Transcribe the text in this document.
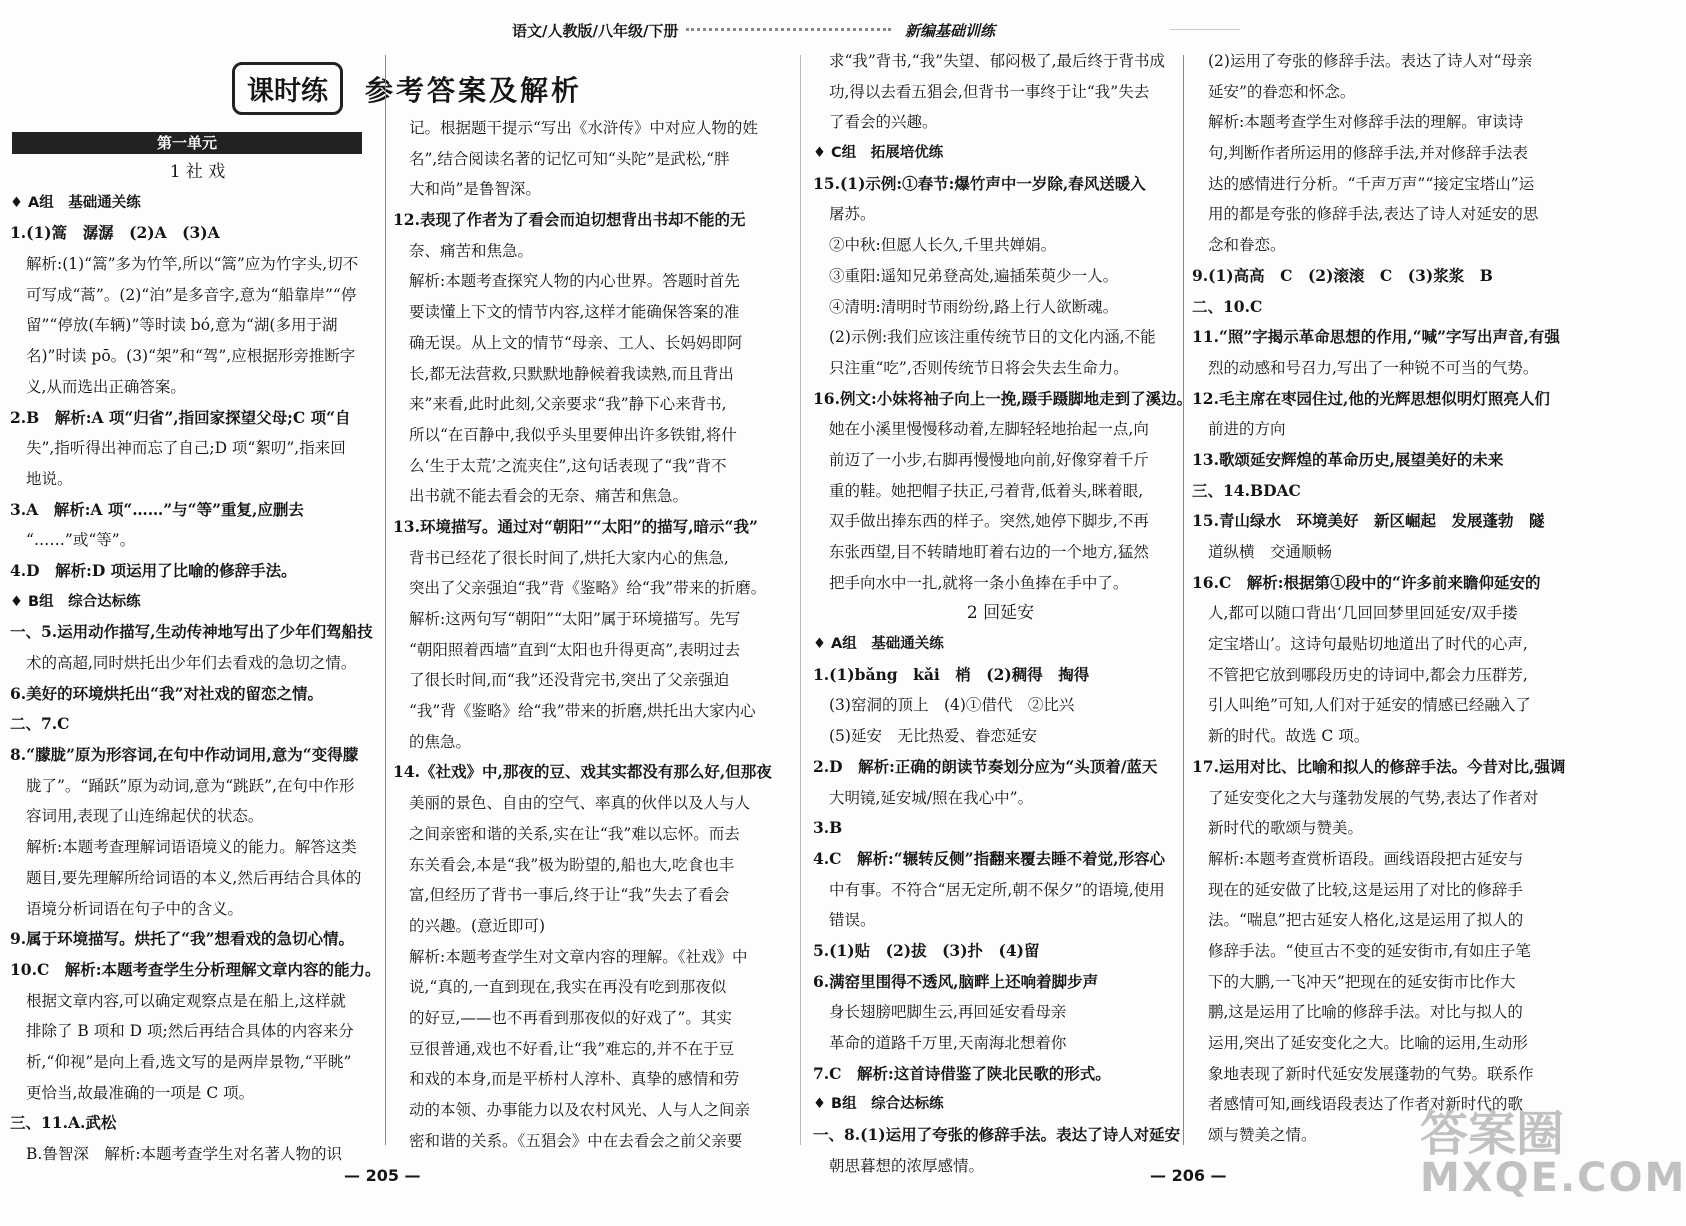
语文/人教版/八年级/下册	新编基础训练
课时练	参考答案及解析
第一单元
1 社 戏
♦ A组　基础通关练
1.(1)篙　潺潺　(2)A　(3)A
解析:(1)“篙”多为竹竿,所以“篙”应为竹字头,切不
可写成“蒿”。(2)“泊”是多音字,意为“船靠岸”“停
留”“停放(车辆)”等时读 bó,意为“湖(多用于湖
名)”时读 pō。(3)“架”和“驾”,应根据形旁推断字
义,从而选出正确答案。
2.B　解析:A 项“归省”,指回家探望父母;C 项“自
失”,指听得出神而忘了自己;D 项“絮叨”,指来回
地说。
3.A　解析:A 项“……”与“等”重复,应删去
“……”或“等”。
4.D　解析:D 项运用了比喻的修辞手法。
♦ B组　综合达标练
一、5.运用动作描写,生动传神地写出了少年们驾船技
术的高超,同时烘托出少年们去看戏的急切之情。
6.美好的环境烘托出“我”对社戏的留恋之情。
二、7.C
8.“朦胧”原为形容词,在句中作动词用,意为“变得朦
胧了”。“踊跃”原为动词,意为“跳跃”,在句中作形
容词用,表现了山连绵起伏的状态。
解析:本题考查理解词语语境义的能力。解答这类
题目,要先理解所给词语的本义,然后再结合具体的
语境分析词语在句子中的含义。
9.属于环境描写。烘托了“我”想看戏的急切心情。
10.C　解析:本题考查学生分析理解文章内容的能力。
根据文章内容,可以确定观察点是在船上,这样就
排除了 B 项和 D 项;然后再结合具体的内容来分
析,“仰视”是向上看,选文写的是两岸景物,“平眺”
更恰当,故最准确的一项是 C 项。
三、11.A.武松
B.鲁智深　解析:本题考查学生对名著人物的识
记。根据题干提示“写出《水浒传》中对应人物的姓
名”,结合阅读名著的记忆可知“头陀”是武松,“胖
大和尚”是鲁智深。
12.表现了作者为了看会而迫切想背出书却不能的无
奈、痛苦和焦急。
解析:本题考查探究人物的内心世界。答题时首先
要读懂上下文的情节内容,这样才能确保答案的准
确无误。从上文的情节“母亲、工人、长妈妈即阿
长,都无法营救,只默默地静候着我读熟,而且背出
来”来看,此时此刻,父亲要求“我”静下心来背书,
所以“在百静中,我似乎头里要伸出许多铁钳,将什
么‘生于太荒’之流夹住”,这句话表现了“我”背不
出书就不能去看会的无奈、痛苦和焦急。
13.环境描写。通过对“朝阳”“太阳”的描写,暗示“我”
背书已经花了很长时间了,烘托大家内心的焦急,
突出了父亲强迫“我”背《鉴略》给“我”带来的折磨。
解析:这两句写“朝阳”“太阳”属于环境描写。先写
“朝阳照着西墙”直到“太阳也升得更高”,表明过去
了很长时间,而“我”还没背完书,突出了父亲强迫
“我”背《鉴略》给“我”带来的折磨,烘托出大家内心
的焦急。
14.《社戏》中,那夜的豆、戏其实都没有那么好,但那夜
美丽的景色、自由的空气、率真的伙伴以及人与人
之间亲密和谐的关系,实在让“我”难以忘怀。而去
东关看会,本是“我”极为盼望的,船也大,吃食也丰
富,但经历了背书一事后,终于让“我”失去了看会
的兴趣。(意近即可)
解析:本题考查学生对文章内容的理解。《社戏》中
说,“真的,一直到现在,我实在再没有吃到那夜似
的好豆,——也不再看到那夜似的好戏了”。其实
豆很普通,戏也不好看,让“我”难忘的,并不在于豆
和戏的本身,而是平桥村人淳朴、真挚的感情和劳
动的本领、办事能力以及农村风光、人与人之间亲
密和谐的关系。《五猖会》中在去看会之前父亲要
求“我”背书,“我”失望、郁闷极了,最后终于背书成
功,得以去看五猖会,但背书一事终于让“我”失去
了看会的兴趣。
♦ C组　拓展培优练
15.(1)示例:①春节:爆竹声中一岁除,春风送暖入
屠苏。
②中秋:但愿人长久,千里共婵娟。
③重阳:遥知兄弟登高处,遍插茱萸少一人。
④清明:清明时节雨纷纷,路上行人欲断魂。
(2)示例:我们应该注重传统节日的文化内涵,不能
只注重“吃”,否则传统节日将会失去生命力。
16.例文:小妹将袖子向上一挽,蹑手蹑脚地走到了溪边。
她在小溪里慢慢移动着,左脚轻轻地抬起一点,向
前迈了一小步,右脚再慢慢地向前,好像穿着千斤
重的鞋。她把帽子扶正,弓着背,低着头,眯着眼,
双手做出捧东西的样子。突然,她停下脚步,不再
东张西望,目不转睛地盯着右边的一个地方,猛然
把手向水中一扎,就将一条小鱼捧在手中了。
2 回延安
♦ A组　基础通关练
1.(1)bǎng　kǎi　梢　(2)稠得　掏得
(3)窑洞的顶上　(4)①借代　②比兴
(5)延安　无比热爱、眷恋延安
2.D　解析:正确的朗读节奏划分应为“头顶着/蓝天
大明镜,延安城/照在我心中”。
3.B
4.C　解析:“辗转反侧”指翻来覆去睡不着觉,形容心
中有事。不符合“居无定所,朝不保夕”的语境,使用
错误。
5.(1)贴　(2)拔　(3)扑　(4)留
6.满窑里围得不透风,脑畔上还响着脚步声
身长翅膀吧脚生云,再回延安看母亲
革命的道路千万里,天南海北想着你
7.C　解析:这首诗借鉴了陕北民歌的形式。
♦ B组　综合达标练
一、8.(1)运用了夸张的修辞手法。表达了诗人对延安
朝思暮想的浓厚感情。
(2)运用了夸张的修辞手法。表达了诗人对“母亲
延安”的眷恋和怀念。
解析:本题考查学生对修辞手法的理解。审读诗
句,判断作者所运用的修辞手法,并对修辞手法表
达的感情进行分析。“千声万声”“接定宝塔山”运
用的都是夸张的修辞手法,表达了诗人对延安的思
念和眷恋。
9.(1)高高　C　(2)滚滚　C　(3)浆浆　B
二、10.C
11.“照”字揭示革命思想的作用,“喊”字写出声音,有强
烈的动感和号召力,写出了一种锐不可当的气势。
12.毛主席在枣园住过,他的光辉思想似明灯照亮人们
前进的方向
13.歌颂延安辉煌的革命历史,展望美好的未来
三、14.BDAC
15.青山绿水　环境美好　新区崛起　发展蓬勃　隧
道纵横　交通顺畅
16.C　解析:根据第①段中的“许多前来瞻仰延安的
人,都可以随口背出‘几回回梦里回延安/双手搂
定宝塔山’。这诗句最贴切地道出了时代的心声,
不管把它放到哪段历史的诗词中,都会力压群芳,
引人叫绝”可知,人们对于延安的情感已经融入了
新的时代。故选 C 项。
17.运用对比、比喻和拟人的修辞手法。今昔对比,强调
了延安变化之大与蓬勃发展的气势,表达了作者对
新时代的歌颂与赞美。
解析:本题考查赏析语段。画线语段把古延安与
现在的延安做了比较,这是运用了对比的修辞手
法。“喘息”把古延安人格化,这是运用了拟人的
修辞手法。“使亘古不变的延安街市,有如庄子笔
下的大鹏,一飞冲天”把现在的延安街市比作大
鹏,这是运用了比喻的修辞手法。对比与拟人的
运用,突出了延安变化之大。比喻的运用,生动形
象地表现了新时代延安发展蓬勃的气势。联系作
者感情可知,画线语段表达了作者对新时代的歌
颂与赞美之情。
— 205 —	— 206 —
答案圈
MXQE.COM
